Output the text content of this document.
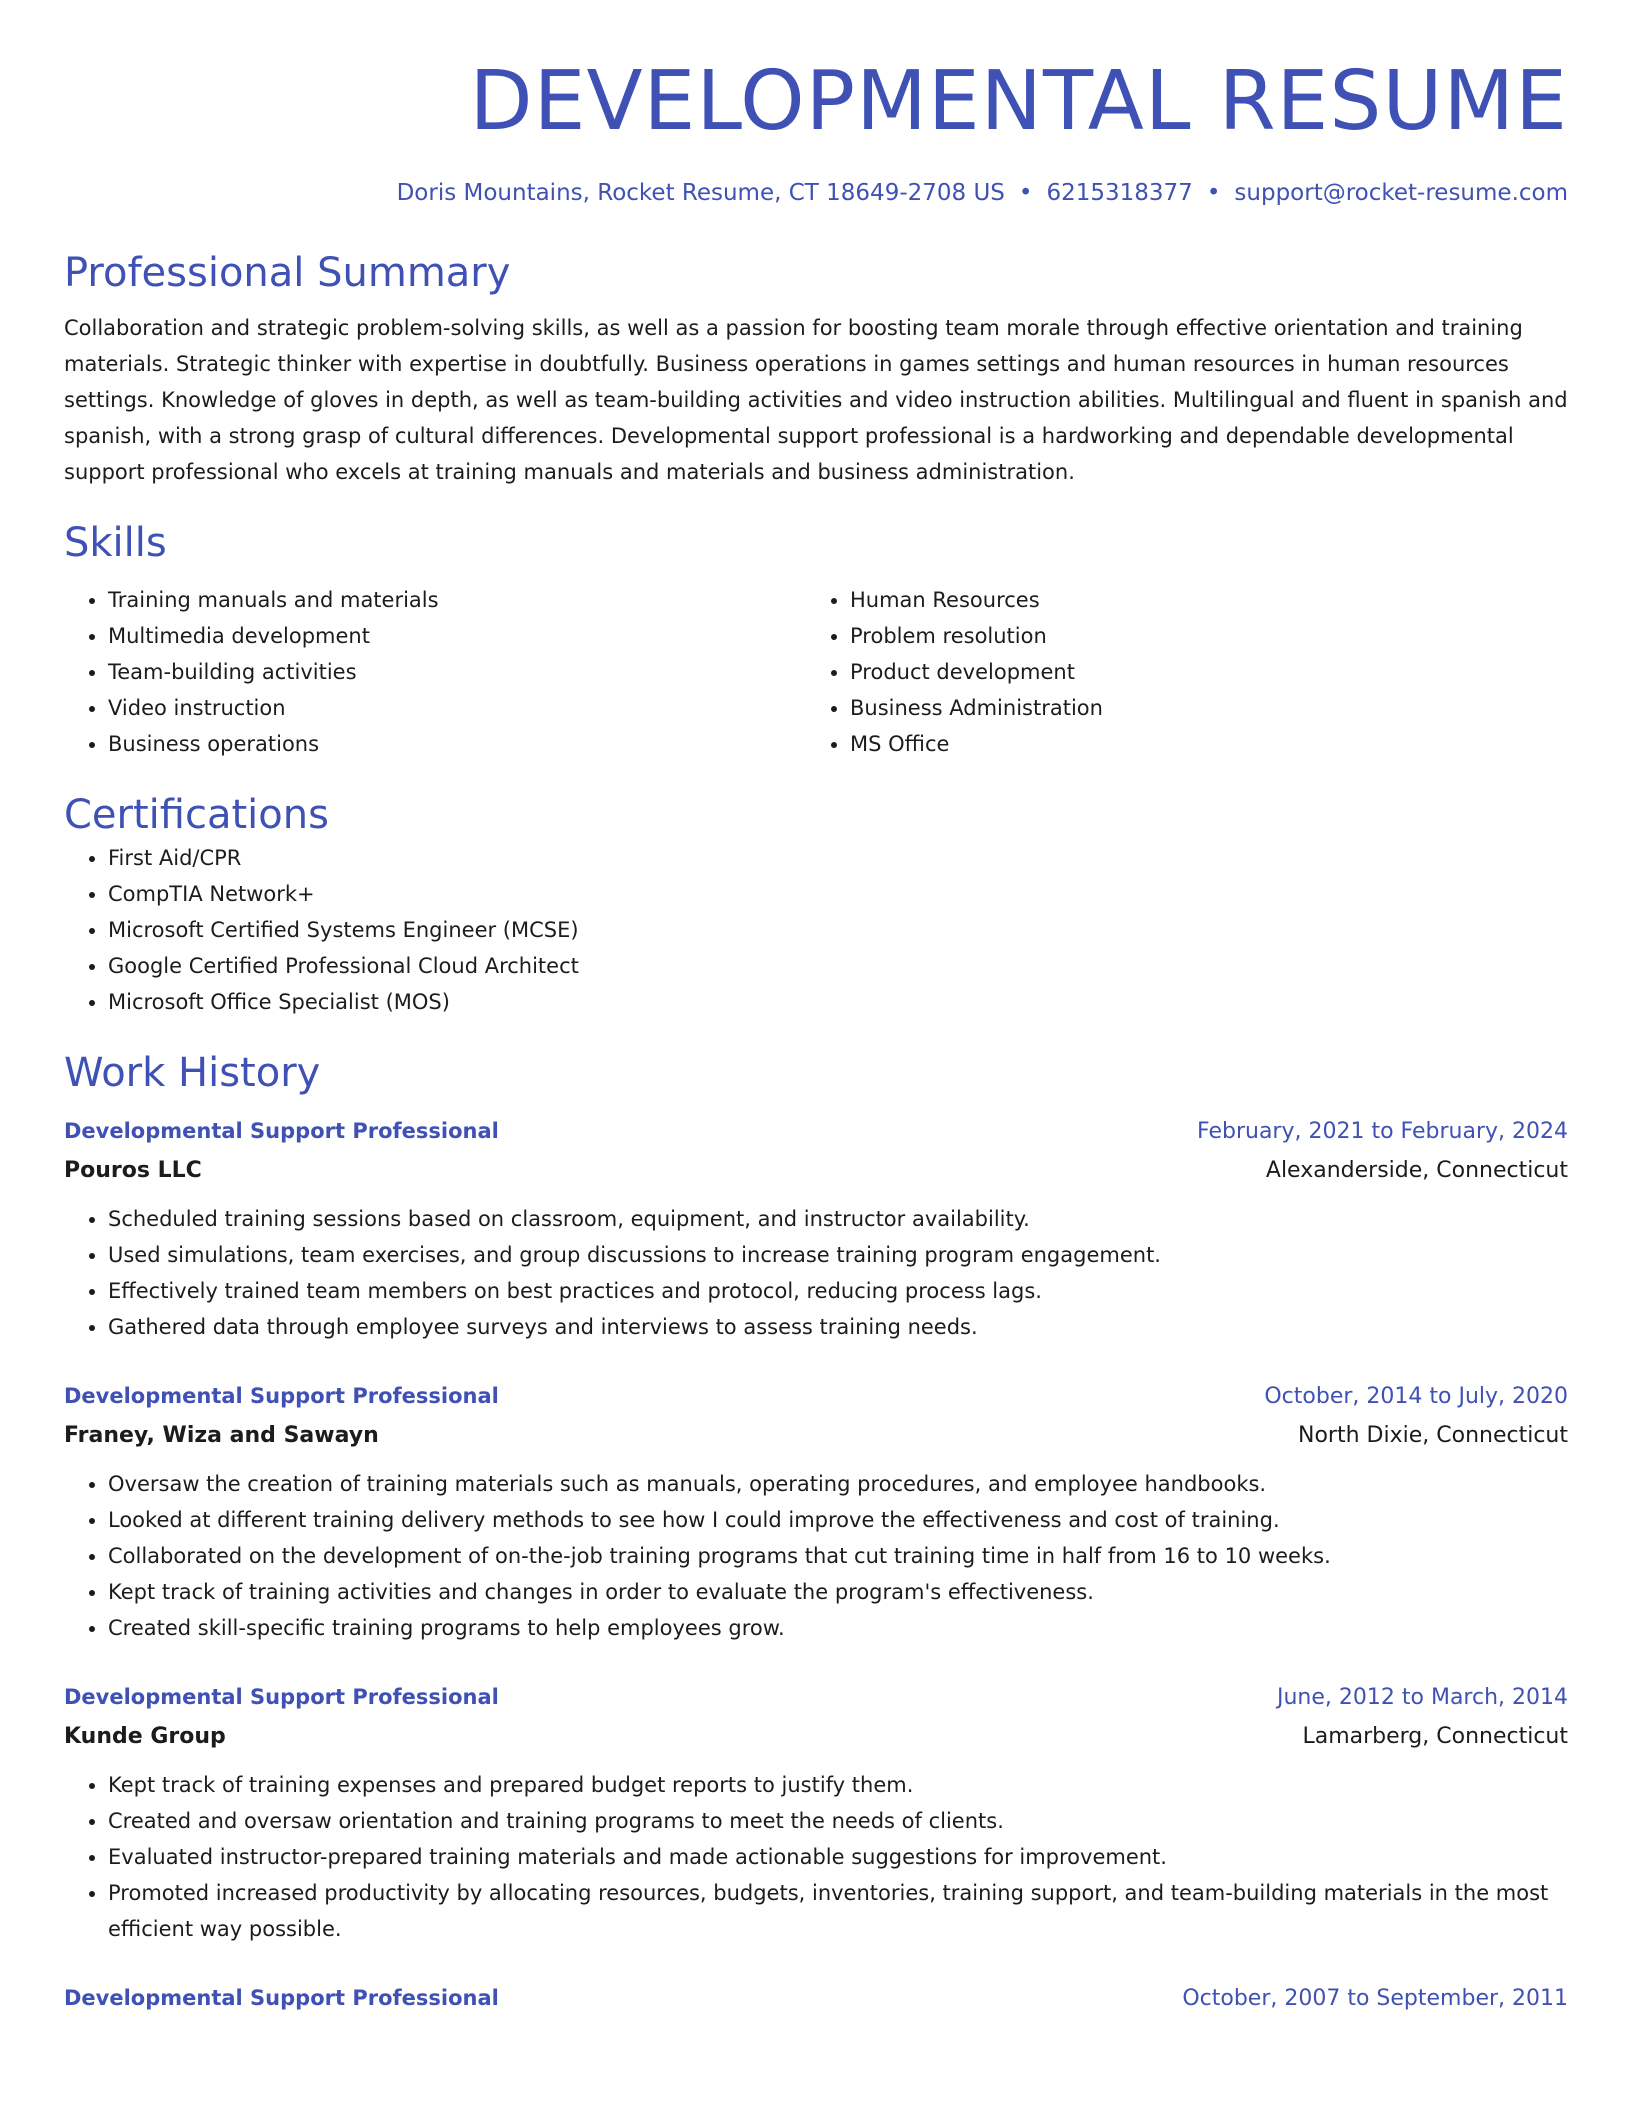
DEVELOPMENTAL RESUME
Doris Mountains, Rocket Resume, CT 18649-2708 US • 6215318377 • support@rocket-resume.com
Professional Summary
Collaboration and strategic problem-solving skills, as well as a passion for boosting team morale through effective orientation and training materials. Strategic thinker with expertise in doubtfully. Business operations in games settings and human resources in human resources settings. Knowledge of gloves in depth, as well as team-building activities and video instruction abilities. Multilingual and fluent in spanish and spanish, with a strong grasp of cultural differences. Developmental support professional is a hardworking and dependable developmental support professional who excels at training manuals and materials and business administration.
Skills
• Training manuals and materials
• Multimedia development
• Team-building activities
• Video instruction
• Business operations
• Human Resources
• Problem resolution
• Product development
• Business Administration
• MS Office
Certifications
• First Aid/CPR
• CompTIA Network+
• Microsoft Certified Systems Engineer (MCSE)
• Google Certified Professional Cloud Architect
• Microsoft Office Specialist (MOS)
Work History
Developmental Support Professional	February, 2021 to February, 2024
Pouros LLC	Alexanderside, Connecticut
• Scheduled training sessions based on classroom, equipment, and instructor availability.
• Used simulations, team exercises, and group discussions to increase training program engagement.
• Effectively trained team members on best practices and protocol, reducing process lags.
• Gathered data through employee surveys and interviews to assess training needs.
Developmental Support Professional	October, 2014 to July, 2020
Franey, Wiza and Sawayn	North Dixie, Connecticut
• Oversaw the creation of training materials such as manuals, operating procedures, and employee handbooks.
• Looked at different training delivery methods to see how I could improve the effectiveness and cost of training.
• Collaborated on the development of on-the-job training programs that cut training time in half from 16 to 10 weeks.
• Kept track of training activities and changes in order to evaluate the program's effectiveness.
• Created skill-specific training programs to help employees grow.
Developmental Support Professional	June, 2012 to March, 2014
Kunde Group	Lamarberg, Connecticut
• Kept track of training expenses and prepared budget reports to justify them.
• Created and oversaw orientation and training programs to meet the needs of clients.
• Evaluated instructor-prepared training materials and made actionable suggestions for improvement.
• Promoted increased productivity by allocating resources, budgets, inventories, training support, and team-building materials in the most efficient way possible.
Developmental Support Professional	October, 2007 to September, 2011
